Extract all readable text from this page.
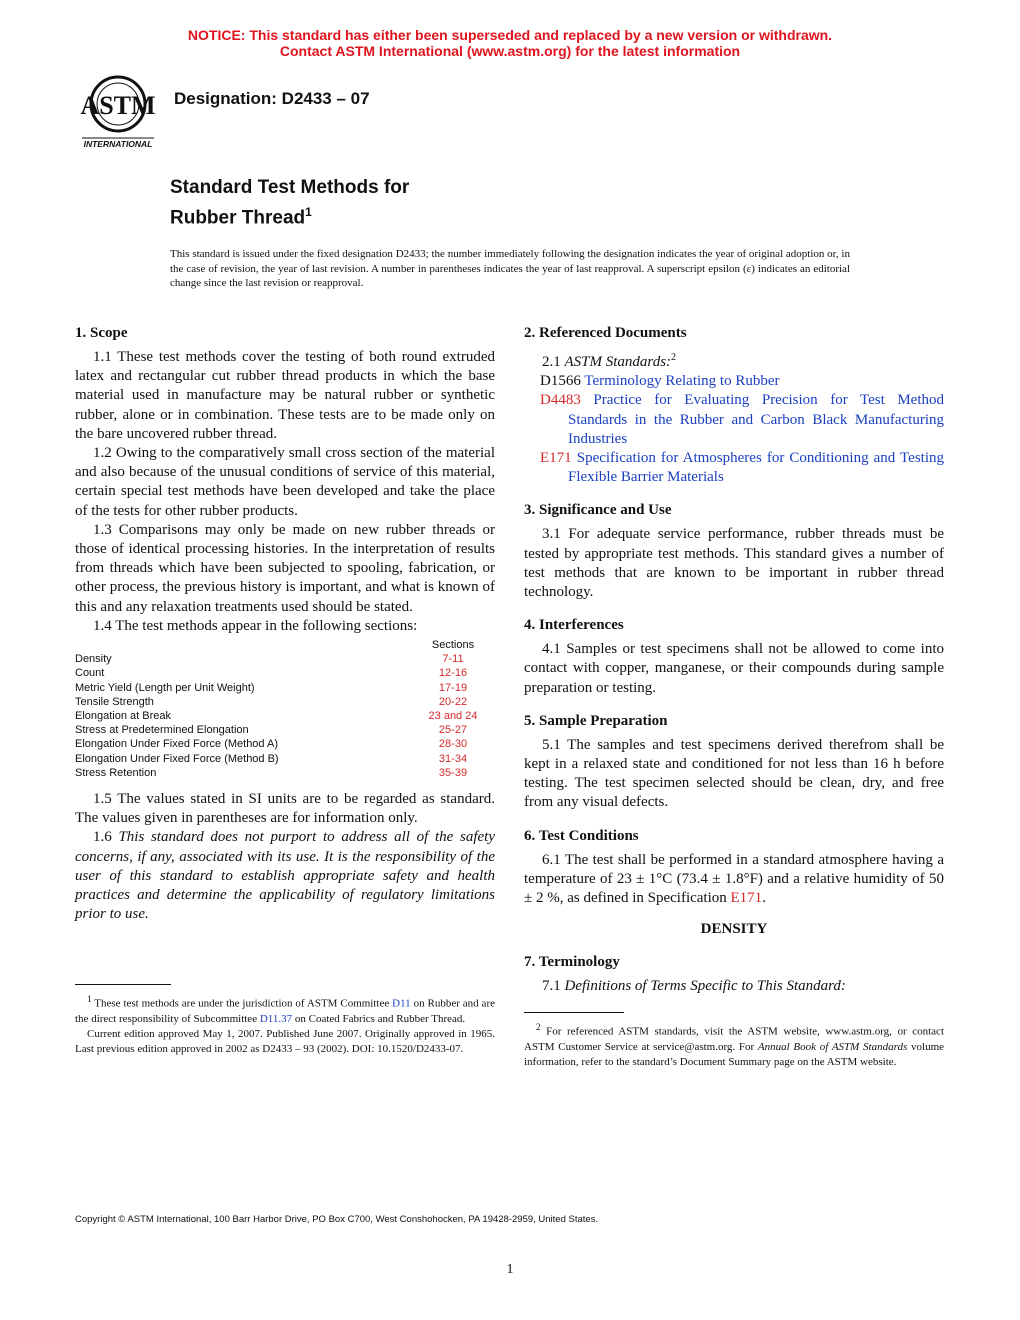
NOTICE: This standard has either been superseded and replaced by a new version or withdrawn.
Contact ASTM International (www.astm.org) for the latest information
ASTM
INTERNATIONAL
Designation: D2433 – 07
Standard Test Methods for
Rubber Thread$^1$
This standard is issued under the fixed designation D2433; the number immediately following the designation indicates the year of original adoption or, in the case of revision, the year of last revision. A number in parentheses indicates the year of last reapproval. A superscript epsilon (ε) indicates an editorial change since the last revision or reapproval.
1. Scope

1.1 These test methods cover the testing of both round extruded latex and rectangular cut rubber thread products in which the base material used in manufacture may be natural rubber or synthetic rubber, alone or in combination. These tests are to be made only on the bare uncovered rubber thread.

1.2 Owing to the comparatively small cross section of the material and also because of the unusual conditions of service of this material, certain special test methods have been developed and take the place of the tests for other rubber products.

1.3 Comparisons may only be made on new rubber threads or those of identical processing histories. In the interpretation of results from threads which have been subjected to spooling, fabrication, or other process, the previous history is important, and what is known of this and any relaxation treatments used should be stated.

1.4 The test methods appear in the following sections:

Sections
Density	7-11
Count	12-16
Metric Yield (Length per Unit Weight)	17-19
Tensile Strength	20-22
Elongation at Break	23 and 24
Stress at Predetermined Elongation	25-27
Elongation Under Fixed Force (Method A)	28-30
Elongation Under Fixed Force (Method B)	31-34
Stress Retention	35-39

1.5 The values stated in SI units are to be regarded as standard. The values given in parentheses are for information only.

1.6 This standard does not purport to address all of the safety concerns, if any, associated with its use. It is the responsibility of the user of this standard to establish appropriate safety and health practices and determine the applicability of regulatory limitations prior to use.

$^1$ These test methods are under the jurisdiction of ASTM Committee D11 on Rubber and are the direct responsibility of Subcommittee D11.37 on Coated Fabrics and Rubber Thread.

Current edition approved May 1, 2007. Published June 2007. Originally approved in 1965. Last previous edition approved in 2002 as D2433 – 93 (2002). DOI: 10.1520/D2433-07.

2. Referenced Documents

2.1 ASTM Standards:$^2$

D1566 Terminology Relating to Rubber

D4483 Practice for Evaluating Precision for Test Method Standards in the Rubber and Carbon Black Manufacturing Industries

E171 Specification for Atmospheres for Conditioning and Testing Flexible Barrier Materials

3. Significance and Use

3.1 For adequate service performance, rubber threads must be tested by appropriate test methods. This standard gives a number of test methods that are known to be important in rubber thread technology.

4. Interferences

4.1 Samples or test specimens shall not be allowed to come into contact with copper, manganese, or their compounds during sample preparation or testing.

5. Sample Preparation

5.1 The samples and test specimens derived therefrom shall be kept in a relaxed state and conditioned for not less than 16 h before testing. The test specimen selected should be clean, dry, and free from any visual defects.

6. Test Conditions

6.1 The test shall be performed in a standard atmosphere having a temperature of 23 ± 1°C (73.4 ± 1.8°F) and a relative humidity of 50 ± 2 %, as defined in Specification E171.

DENSITY
7. Terminology

7.1 Definitions of Terms Specific to This Standard:

$^2$ For referenced ASTM standards, visit the ASTM website, www.astm.org, or contact ASTM Customer Service at service@astm.org. For Annual Book of ASTM Standards volume information, refer to the standard’s Document Summary page on the ASTM website.

Copyright © ASTM International, 100 Barr Harbor Drive, PO Box C700, West Conshohocken, PA 19428-2959, United States.
1
